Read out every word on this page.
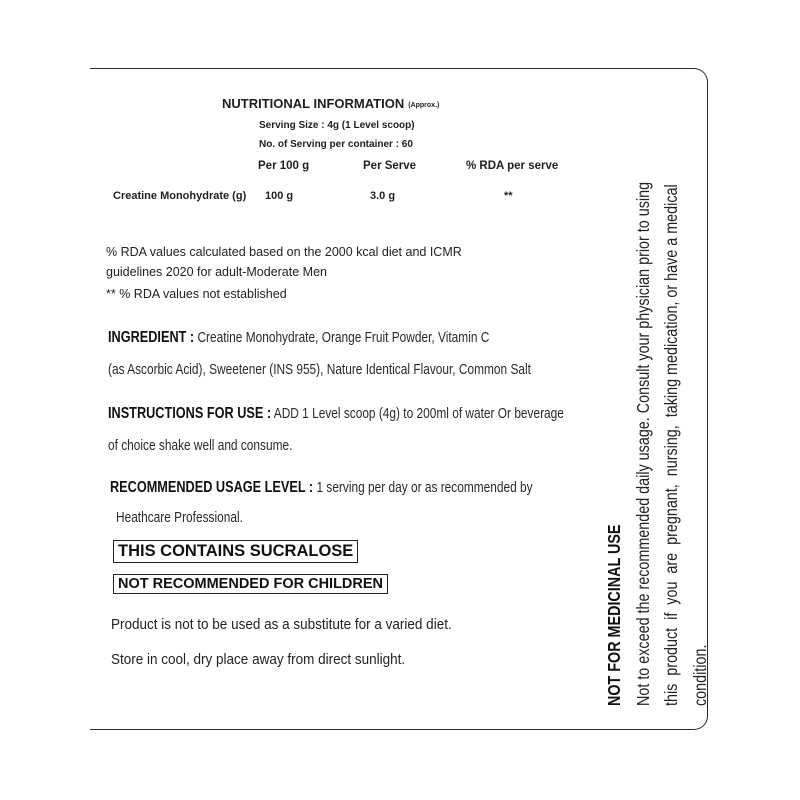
NUTRITIONAL INFORMATION (Approx.)
Serving Size : 4g (1 Level scoop)
No. of Serving per container : 60
Per 100 g	Per Serve	% RDA per serve
Creatine Monohydrate (g) 100 g	3.0 g	**
% RDA values calculated based on the 2000 kcal diet and ICMR
guidelines 2020 for adult-Moderate Men
** % RDA values not established
INGREDIENT : Creatine Monohydrate, Orange Fruit Powder, Vitamin C
(as Ascorbic Acid), Sweetener (INS 955), Nature Identical Flavour, Common Salt
INSTRUCTIONS FOR USE : ADD 1 Level scoop (4g) to 200ml of water Or beverage
of choice shake well and consume.
RECOMMENDED USAGE LEVEL : 1 serving per day or as recommended by
Heathcare Professional.
THIS CONTAINS SUCRALOSE
NOT RECOMMENDED FOR CHILDREN
Product is not to be used as a substitute for a varied diet.
Store in cool, dry place away from direct sunlight.	NOT FOR MEDICINAL USE Not to exceed the recommended daily usage. Consult your physician prior to using this  product  if  you  are  pregnant,  nursing,  taking medication, or have a medical condition.
